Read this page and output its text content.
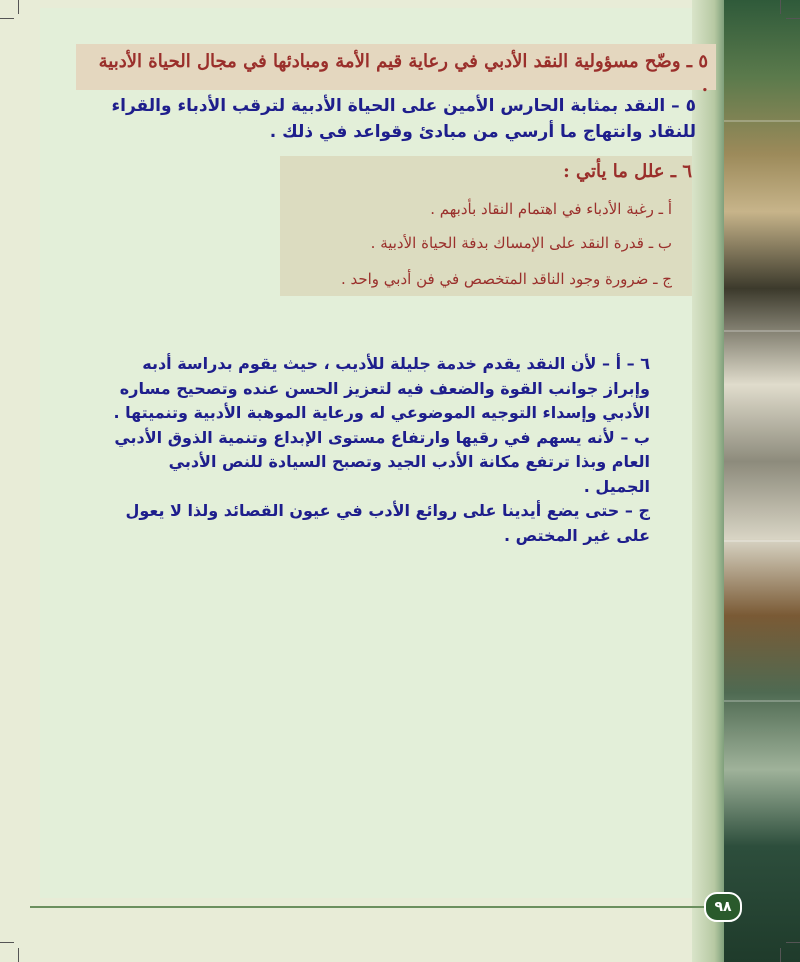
٥ ـ وضّح مسؤولية النقد الأدبي في رعاية قيم الأمة ومبادئها في مجال الحياة الأدبية .
٥ – النقد بمثابة الحارس الأمين على الحياة الأدبية لترقب الأدباء والقراء للنقاد وانتهاج ما أرسي من مبادئ وقواعد في ذلك .
٦ ـ علل ما يأتي :
أ ـ رغبة الأدباء في اهتمام النقاد بأدبهم .
ب ـ قدرة النقد على الإمساك بدفة الحياة الأدبية .
ج ـ ضرورة وجود الناقد المتخصص في فن أدبي واحد .

٦ – أ – لأن النقد يقدم خدمة جليلة للأديب ، حيث يقوم بدراسة أدبه وإبراز جوانب القوة والضعف فيه لتعزيز الحسن عنده وتصحيح مساره الأدبي وإسداء التوجيه الموضوعي له ورعاية الموهبة الأدبية وتنميتها .

ب – لأنه يسهم في رقيها وارتفاع مستوى الإبداع وتنمية الذوق الأدبي العام وبذا ترتفع مكانة الأدب الجيد وتصبح السيادة للنص الأدبي الجميل .

ج – حتى يضع أيدينا على روائع الأدب في عيون القصائد ولذا لا يعول على غير المختص .

٩٨
